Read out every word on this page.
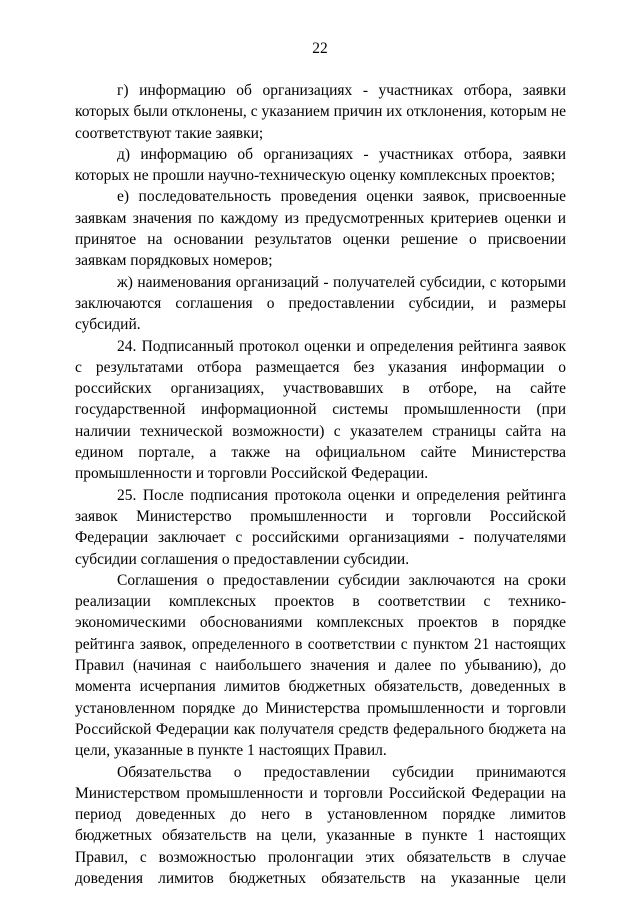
22

г) информацию об организациях - участниках отбора, заявки которых были отклонены, с указанием причин их отклонения, которым не соответствуют такие заявки;

д) информацию об организациях - участниках отбора, заявки которых не прошли научно-техническую оценку комплексных проектов;

е) последовательность проведения оценки заявок, присвоенные заявкам значения по каждому из предусмотренных критериев оценки и принятое на основании результатов оценки решение о присвоении заявкам порядковых номеров;

ж) наименования организаций - получателей субсидии, с которыми заключаются соглашения о предоставлении субсидии, и размеры субсидий.

24. Подписанный протокол оценки и определения рейтинга заявок с результатами отбора размещается без указания информации о российских организациях, участвовавших в отборе, на сайте государственной информационной системы промышленности (при наличии технической возможности) с указателем страницы сайта на едином портале, а также на официальном сайте Министерства промышленности и торговли Российской Федерации.

25. После подписания протокола оценки и определения рейтинга заявок Министерство промышленности и торговли Российской Федерации заключает с российскими организациями - получателями субсидии соглашения о предоставлении субсидии.

Соглашения о предоставлении субсидии заключаются на сроки реализации комплексных проектов в соответствии с технико-экономическими обоснованиями комплексных проектов в порядке рейтинга заявок, определенного в соответствии с пунктом 21 настоящих Правил (начиная с наибольшего значения и далее по убыванию), до момента исчерпания лимитов бюджетных обязательств, доведенных в установленном порядке до Министерства промышленности и торговли Российской Федерации как получателя средств федерального бюджета на цели, указанные в пункте 1 настоящих Правил.

Обязательства о предоставлении субсидии принимаются Министерством промышленности и торговли Российской Федерации на период доведенных до него в установленном порядке лимитов бюджетных обязательств на цели, указанные в пункте 1 настоящих Правил, с возможностью пролонгации этих обязательств в случае доведения лимитов бюджетных обязательств на указанные цели
